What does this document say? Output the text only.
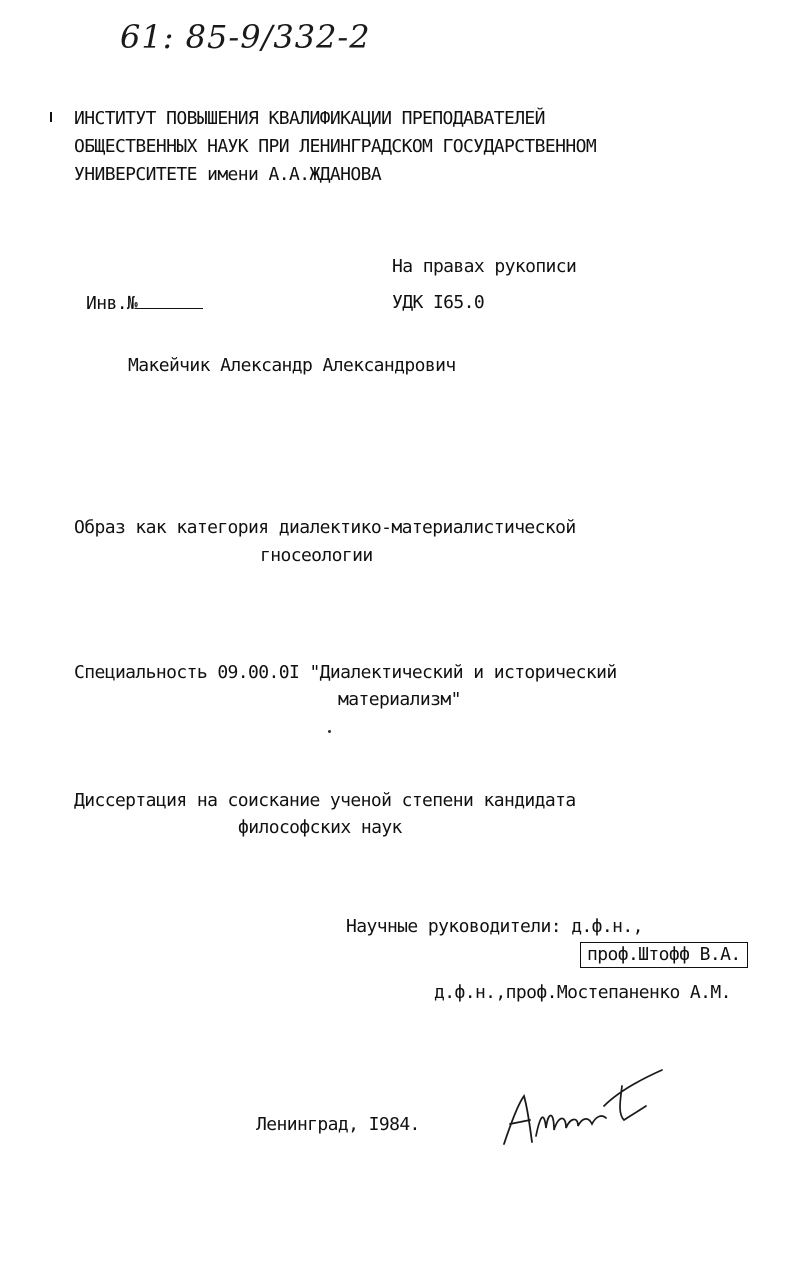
61: 85-9/332-2
ИНСТИТУТ ПОВЫШЕНИЯ КВАЛИФИКАЦИИ ПРЕПОДАВАТЕЛЕЙ
ОБЩЕСТВЕННЫХ НАУК ПРИ ЛЕНИНГРАДСКОМ ГОСУДАРСТВЕННОМ
УНИВЕРСИТЕТЕ имени А.А.ЖДАНОВА
На правах рукописи
Инв.№	УДК I65.0
Макейчик Александр Александрович
Образ как категория диалектико-материалистической
гносеологии
Специальность 09.00.0I "Диалектический и исторический
материализм"
Диссертация на соискание ученой степени кандидата
философских наук
Научные руководители: д.ф.н.,
проф.Штофф В.А.
д.ф.н.,проф.Мостепаненко А.М.
Ленинград, I984.
